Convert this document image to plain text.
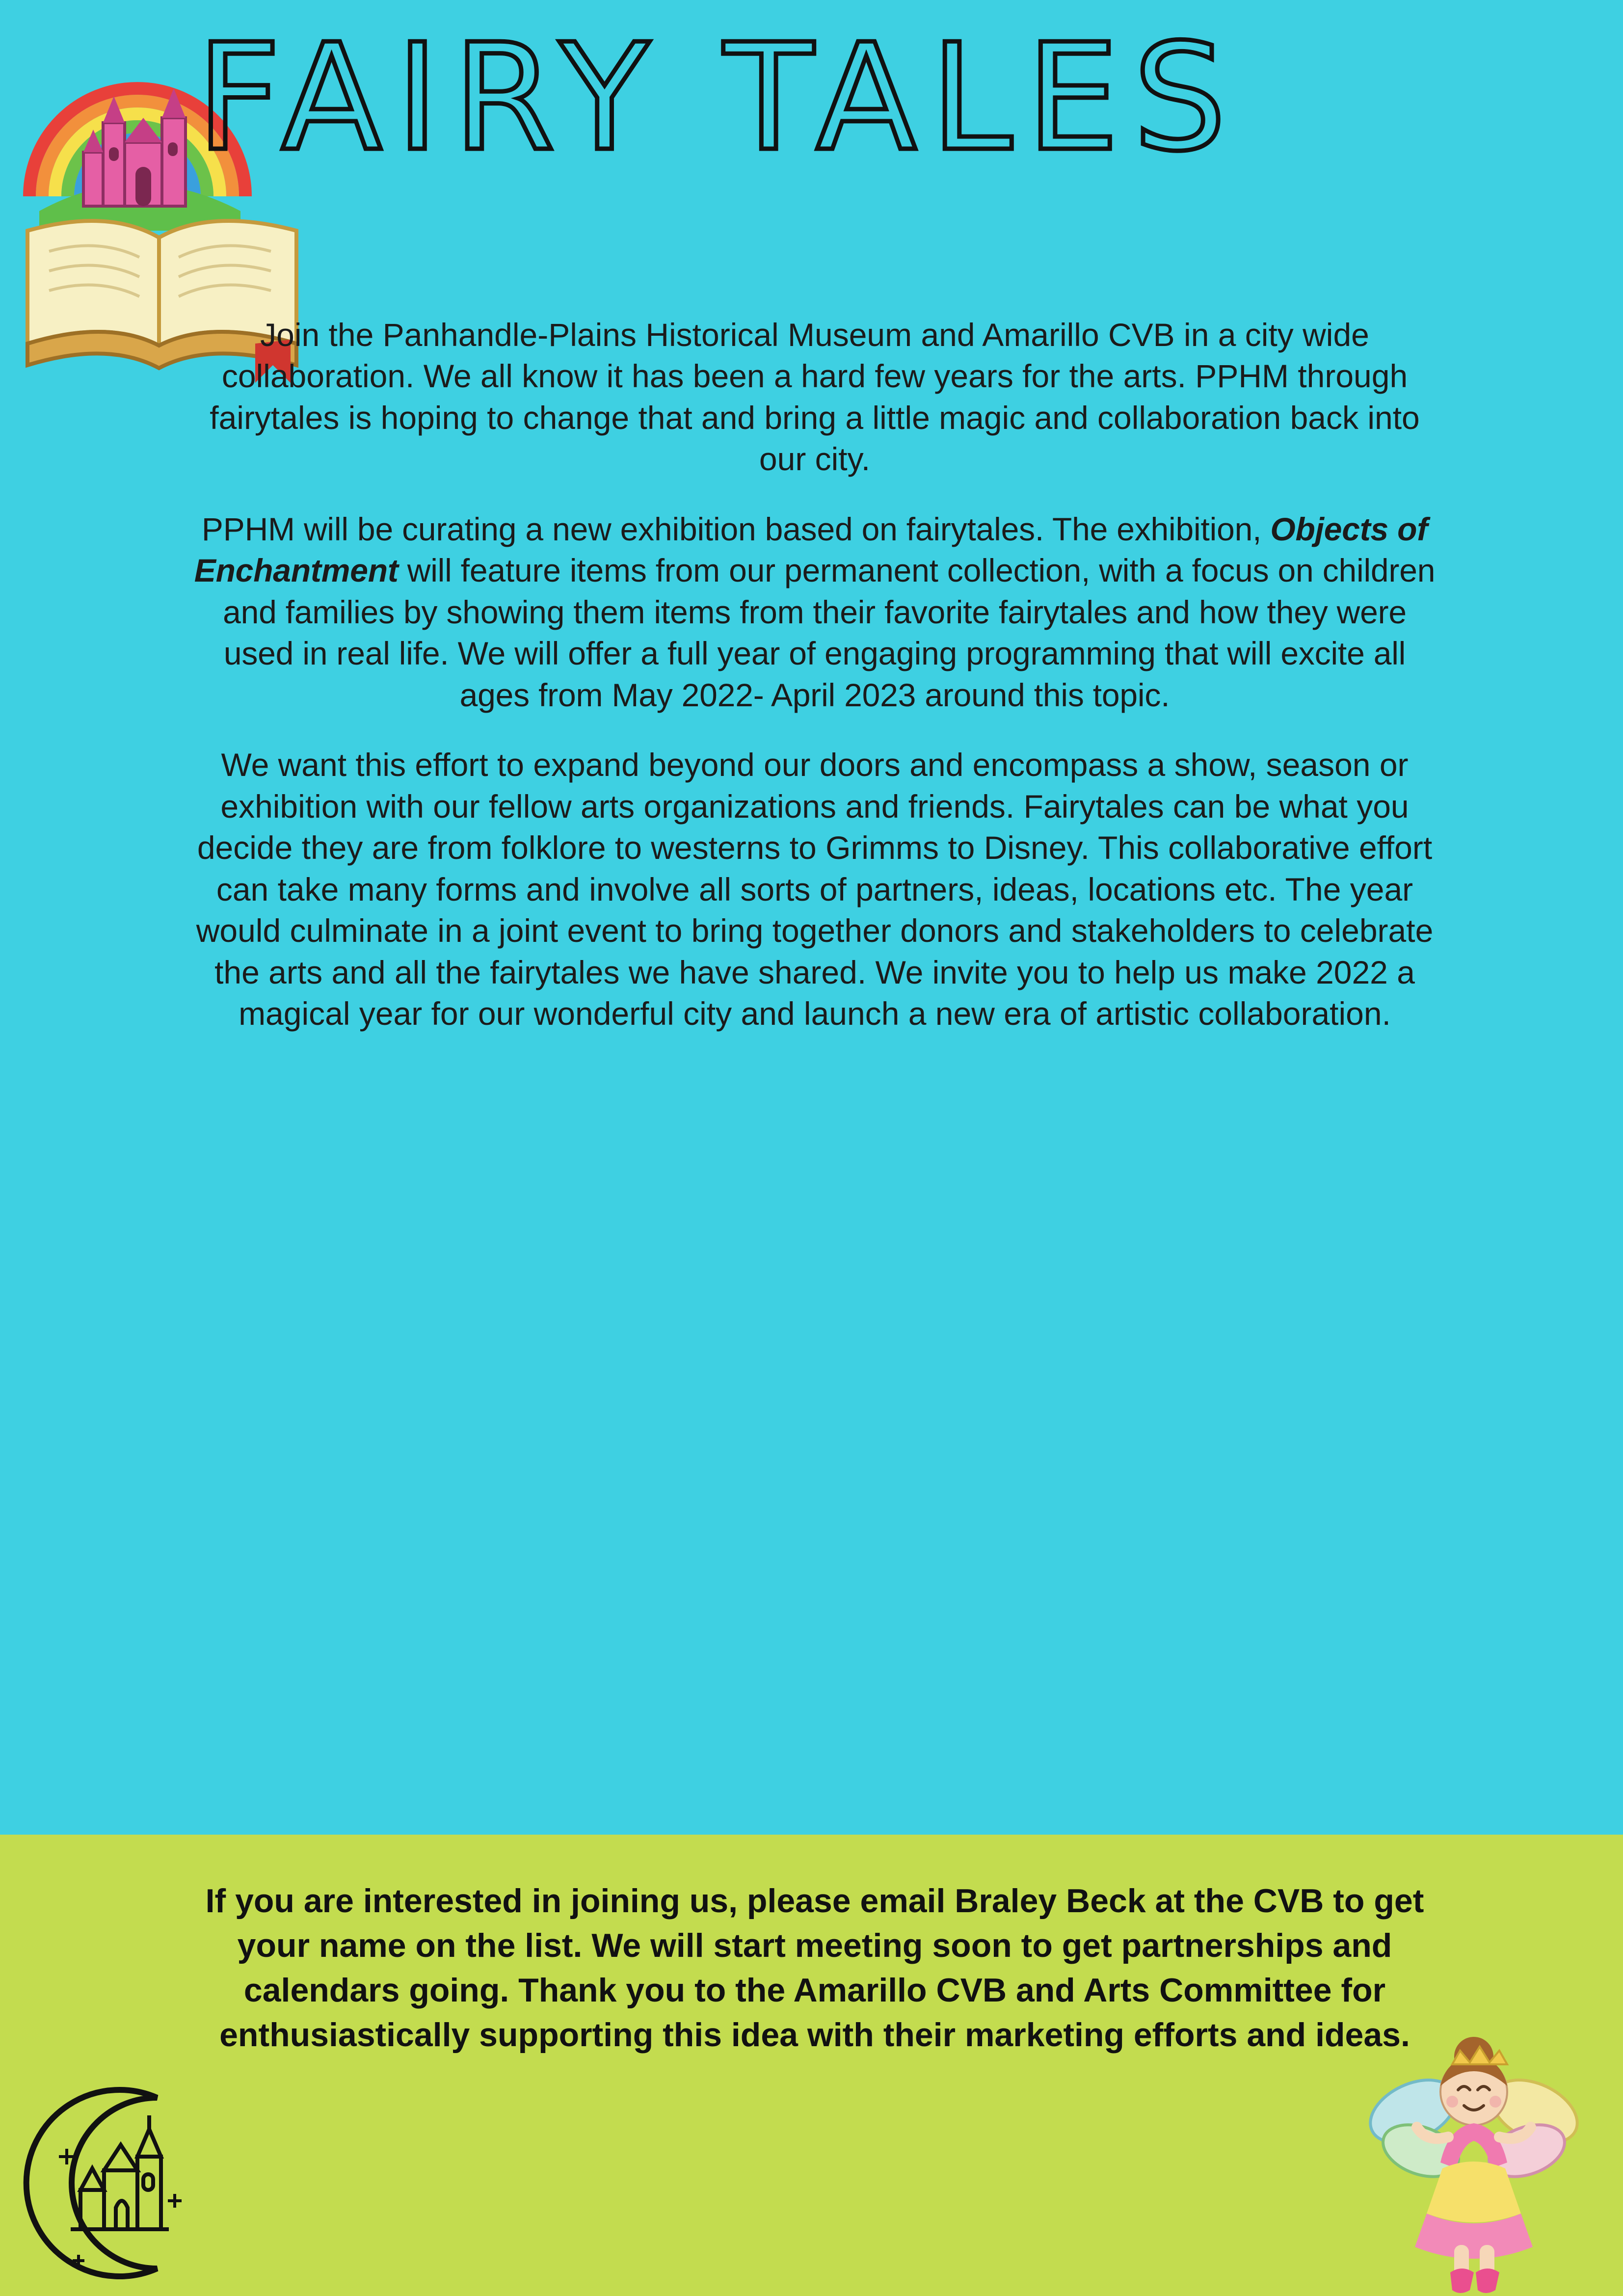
FAIRY TALES

Join the Panhandle-Plains Historical Museum and Amarillo CVB in a city wide collaboration. We all know it has been a hard few years for the arts. PPHM through fairytales is hoping to change that and bring a little magic and collaboration back into our city.

PPHM will be curating a new exhibition based on fairytales. The exhibition, Objects of Enchantment will feature items from our permanent collection, with a focus on children and families by showing them items from their favorite fairytales and how they were used in real life. We will offer a full year of engaging programming that will excite all ages from May 2022- April 2023 around this topic.

We want this effort to expand beyond our doors and encompass a show, season or exhibition with our fellow arts organizations and friends. Fairytales can be what you decide they are from folklore to westerns to Grimms to Disney. This collaborative effort can take many forms and involve all sorts of partners, ideas, locations etc. The year would culminate in a joint event to bring together donors and stakeholders to celebrate the arts and all the fairytales we have shared. We invite you to help us make 2022 a magical year for our wonderful city and launch a new era of artistic collaboration.

If you are interested in joining us, please email Braley Beck at the CVB to get your name on the list. We will start meeting soon to get partnerships and calendars going. Thank you to the Amarillo CVB and Arts Committee for enthusiastically supporting this idea with their marketing efforts and ideas.
